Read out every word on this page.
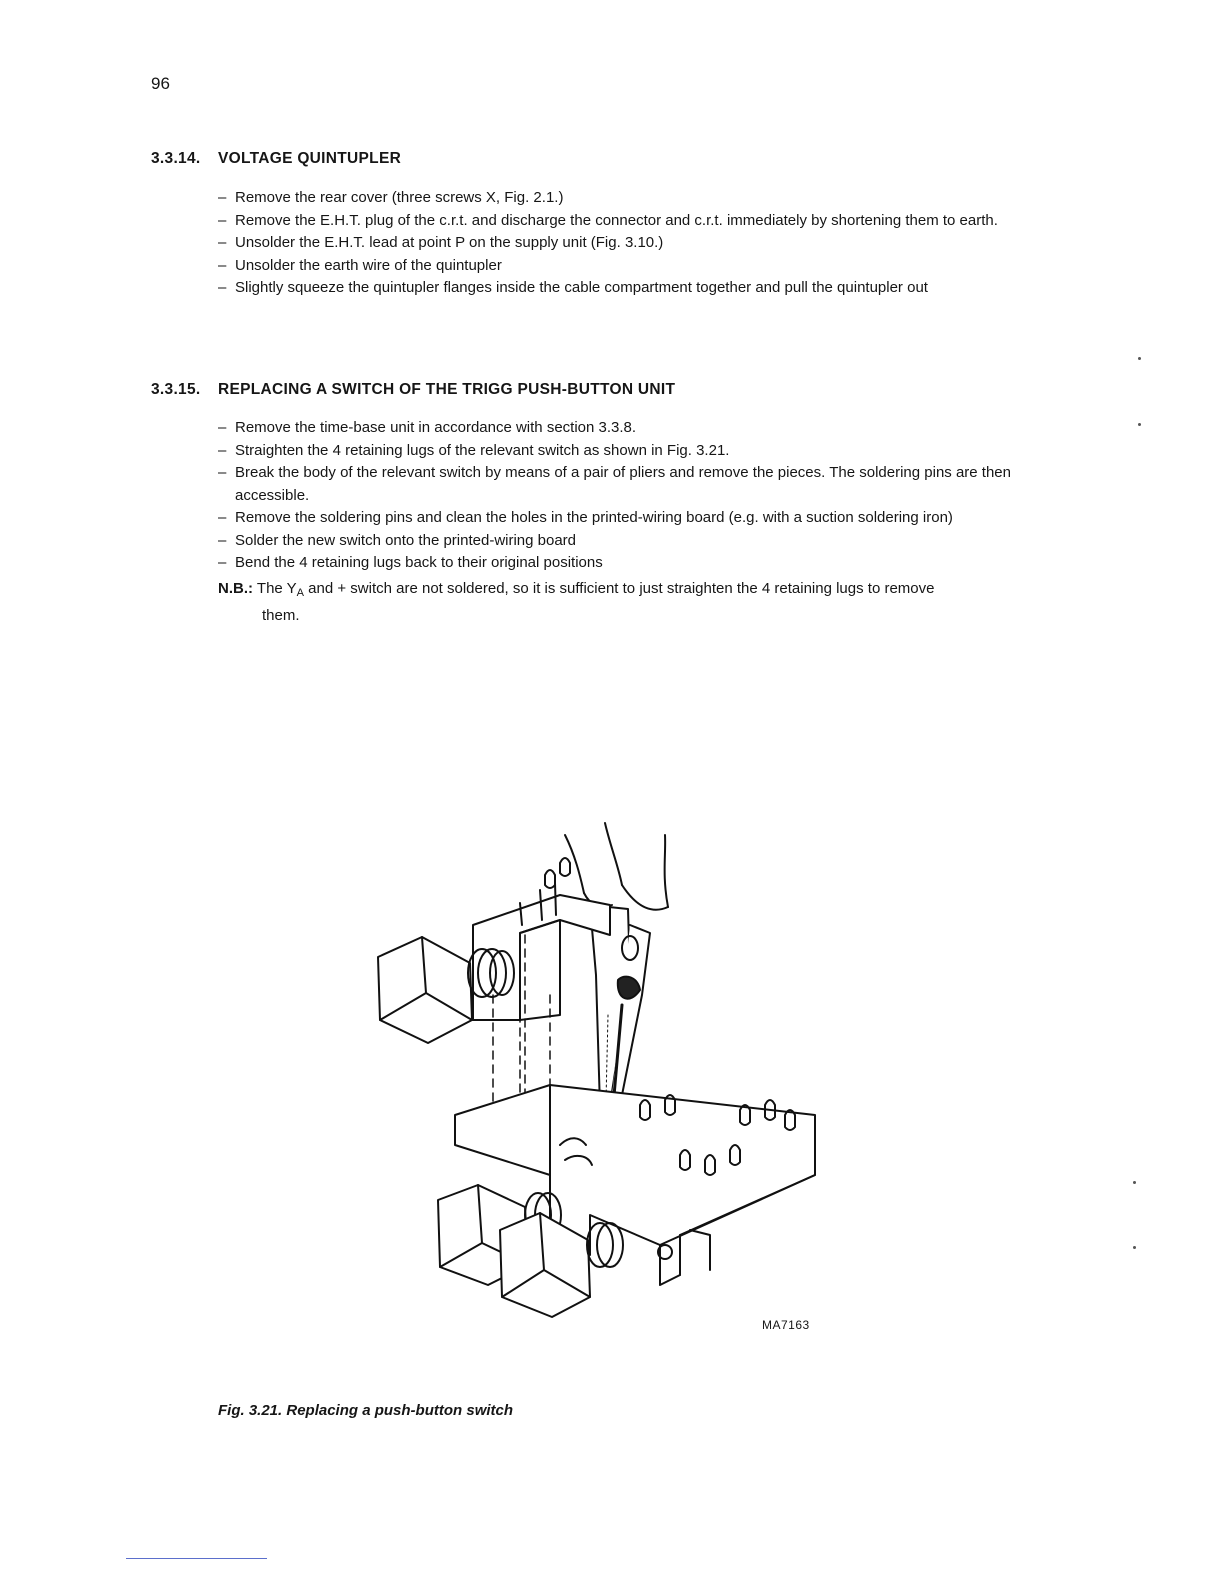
96
3.3.14. VOLTAGE QUINTUPLER
– Remove the rear cover (three screws X, Fig. 2.1.)
– Remove the E.H.T. plug of the c.r.t. and discharge the connector and c.r.t. immediately by shortening them to earth.
– Unsolder the E.H.T. lead at point P on the supply unit (Fig. 3.10.)
– Unsolder the earth wire of the quintupler
– Slightly squeeze the quintupler flanges inside the cable compartment together and pull the quintupler out
3.3.15. REPLACING A SWITCH OF THE TRIGG PUSH-BUTTON UNIT
– Remove the time-base unit in accordance with section 3.3.8.
– Straighten the 4 retaining lugs of the relevant switch as shown in Fig. 3.21.
– Break the body of the relevant switch by means of a pair of pliers and remove the pieces. The soldering pins are then accessible.
– Remove the soldering pins and clean the holes in the printed-wiring board (e.g. with a suction soldering iron)
– Solder the new switch onto the printed-wiring board
– Bend the 4 retaining lugs back to their original positions
N.B.: The $Y_A$ and + switch are not soldered, so it is sufficient to just straighten the 4 retaining lugs to remove
them.
MA7163
Fig. 3.21. Replacing a push-button switch
